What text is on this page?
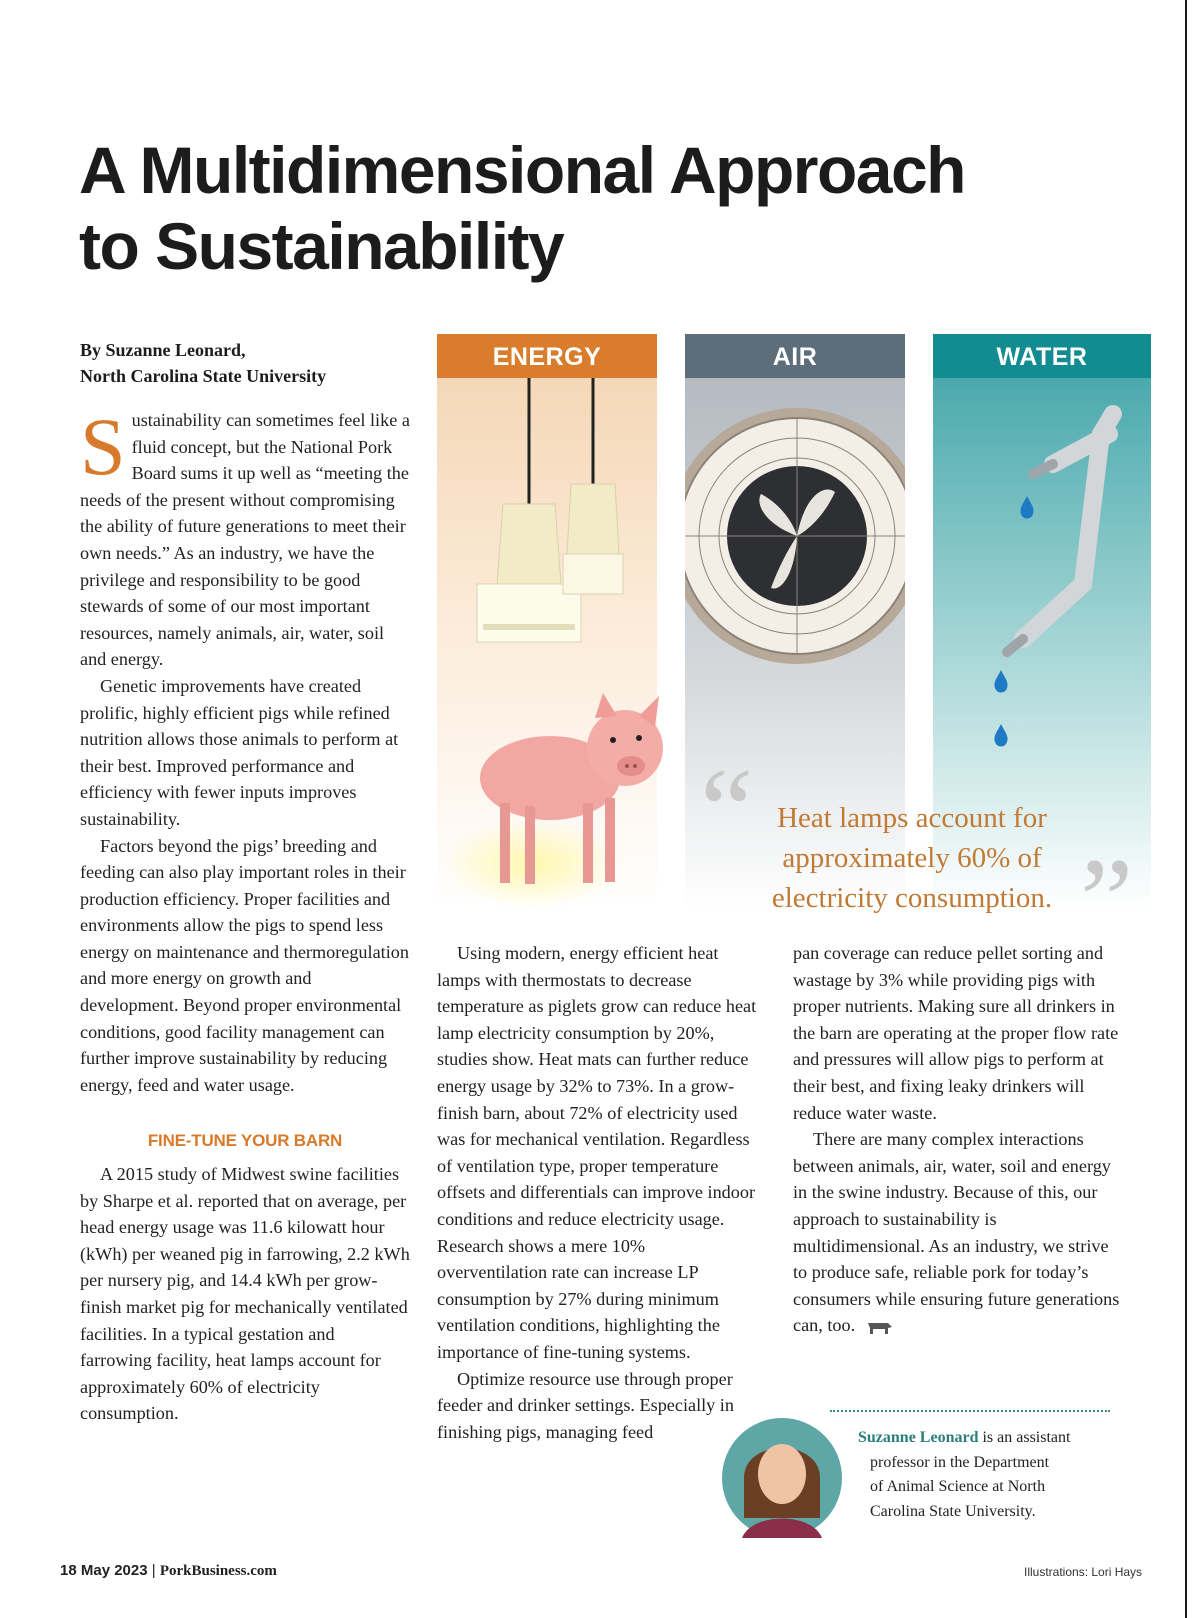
A Multidimensional Approach
to Sustainability
By Suzanne Leonard,
North Carolina State University

Sustainability can sometimes feel like a fluid concept, but the National Pork Board sums it up well as “meeting the needs of the present without compromising the ability of future generations to meet their own needs.” As an industry, we have the privilege and responsibility to be good stewards of some of our most important resources, namely animals, air, water, soil and energy.

Genetic improvements have created prolific, highly efficient pigs while refined nutrition allows those animals to perform at their best. Improved performance and efficiency with fewer inputs improves sustainability.

Factors beyond the pigs’ breeding and feeding can also play important roles in their production efficiency. Proper facilities and environments allow the pigs to spend less energy on maintenance and thermoregulation and more energy on growth and development. Beyond proper environmental conditions, good facility management can further improve sustainability by reducing energy, feed and water usage.

FINE-TUNE YOUR BARN

A 2015 study of Midwest swine facilities by Sharpe et al. reported that on average, per head energy usage was 11.6 kilowatt hour (kWh) per weaned pig in farrowing, 2.2 kWh per nursery pig, and 14.4 kWh per grow-finish market pig for mechanically ventilated facilities. In a typical gestation and farrowing facility, heat lamps account for approximately 60% of electricity consumption.

ENERGY	AIR	WATER
“ Heat lamps account for
approximately 60% of
electricity consumption. ”

Using modern, energy efficient heat lamps with thermostats to decrease temperature as piglets grow can reduce heat lamp electricity consumption by 20%, studies show. Heat mats can further reduce energy usage by 32% to 73%. In a grow-finish barn, about 72% of electricity used was for mechanical ventilation. Regardless of ventilation type, proper temperature offsets and differentials can improve indoor conditions and reduce electricity usage. Research shows a mere 10% overventilation rate can increase LP consumption by 27% during minimum ventilation conditions, highlighting the importance of fine-tuning systems.

Optimize resource use through proper feeder and drinker settings. Especially in finishing pigs, managing feed

pan coverage can reduce pellet sorting and wastage by 3% while providing pigs with proper nutrients. Making sure all drinkers in the barn are operating at the proper flow rate and pressures will allow pigs to perform at their best, and fixing leaky drinkers will reduce water waste.

There are many complex interactions between animals, air, water, soil and energy in the swine industry. Because of this, our approach to sustainability is multidimensional. As an industry, we strive to produce safe, reliable pork for today’s consumers while ensuring future generations can, too.

Suzanne Leonard is an assistant
professor in the Department
of Animal Science at North
Carolina State University.
18 May 2023 | PorkBusiness.com	Illustrations: Lori Hays
